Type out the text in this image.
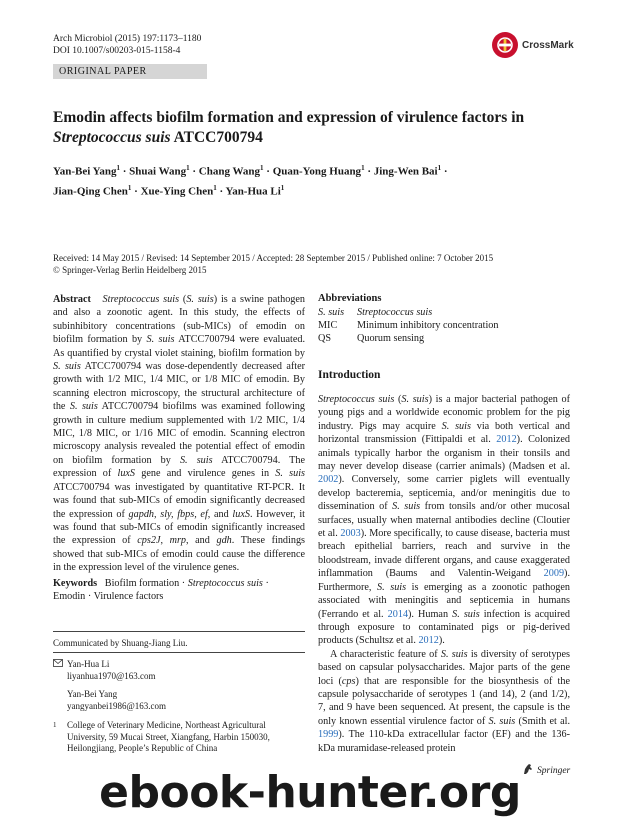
Arch Microbiol (2015) 197:1173–1180
DOI 10.1007/s00203-015-1158-4
CrossMark
ORIGINAL PAPER
Emodin affects biofilm formation and expression of virulence factors in Streptococcus suis ATCC700794
Yan-Bei Yang$^1$ · Shuai Wang$^1$ · Chang Wang$^1$ · Quan-Yong Huang$^1$ · Jing-Wen Bai$^1$ ·
Jian-Qing Chen$^1$ · Xue-Ying Chen$^1$ · Yan-Hua Li$^1$
Received: 14 May 2015 / Revised: 14 September 2015 / Accepted: 28 September 2015 / Published online: 7 October 2015
© Springer-Verlag Berlin Heidelberg 2015
Abstract Streptococcus suis (S. suis) is a swine pathogen and also a zoonotic agent. In this study, the effects of subinhibitory concentrations (sub-MICs) of emodin on biofilm formation by S. suis ATCC700794 were evaluated. As quantified by crystal violet staining, biofilm formation by S. suis ATCC700794 was dose-dependently decreased after growth with 1/2 MIC, 1/4 MIC, or 1/8 MIC of emodin. By scanning electron microscopy, the structural architecture of the S. suis ATCC700794 biofilms was examined following growth in culture medium supplemented with 1/2 MIC, 1/4 MIC, 1/8 MIC, or 1/16 MIC of emodin. Scanning electron microscopy analysis revealed the potential effect of emodin on biofilm formation by S. suis ATCC700794. The expression of luxS gene and virulence genes in S. suis ATCC700794 was investigated by quantitative RT-PCR. It was found that sub-MICs of emodin significantly decreased the expression of gapdh, sly, fbps, ef, and luxS. However, it was found that sub-MICs of emodin significantly increased the expression of cps2J, mrp, and gdh. These findings showed that sub-MICs of emodin could cause the difference in the expression level of the virulence genes.
Keywords Biofilm formation · Streptococcus suis ·
Emodin · Virulence factors
Communicated by Shuang-Jiang Liu.
Yan-Hua Li
liyanhua1970@163.com
Yan-Bei Yang
yangyanbei1986@163.com
1	College of Veterinary Medicine, Northeast Agricultural University, 59 Mucai Street, Xiangfang, Harbin 150030, Heilongjiang, People’s Republic of China
Abbreviations
S. suis	Streptococcus suis
MIC	Minimum inhibitory concentration
QS	Quorum sensing
Introduction

Streptococcus suis (S. suis) is a major bacterial pathogen of young pigs and a worldwide economic problem for the pig industry. Pigs may acquire S. suis via both vertical and horizontal transmission (Fittipaldi et al. 2012). Colonized animals typically harbor the organism in their tonsils and may never develop disease (carrier animals) (Madsen et al. 2002). Conversely, some carrier piglets will eventually develop bacteremia, septicemia, and/or meningitis due to dissemination of S. suis from tonsils and/or other mucosal surfaces, usually when maternal antibodies decline (Cloutier et al. 2003). More specifically, to cause disease, bacteria must breach epithelial barriers, reach and survive in the bloodstream, invade different organs, and cause exaggerated inflammation (Baums and Valentin-Weigand 2009). Furthermore, S. suis is emerging as a zoonotic pathogen associated with meningitis and septicemia in humans (Ferrando et al. 2014). Human S. suis infection is acquired through exposure to contaminated pigs or pig-derived products (Schultsz et al. 2012).

A characteristic feature of S. suis is diversity of serotypes based on capsular polysaccharides. Major parts of the gene loci (cps) that are responsible for the biosynthesis of the capsule polysaccharide of serotypes 1 (and 14), 2 (and 1/2), 7, and 9 have been sequenced. At present, the capsule is the only known essential virulence factor of S. suis (Smith et al. 1999). The 110-kDa extracellular factor (EF) and the 136-kDa muramidase-released protein

Springer
ebook-hunter.org
